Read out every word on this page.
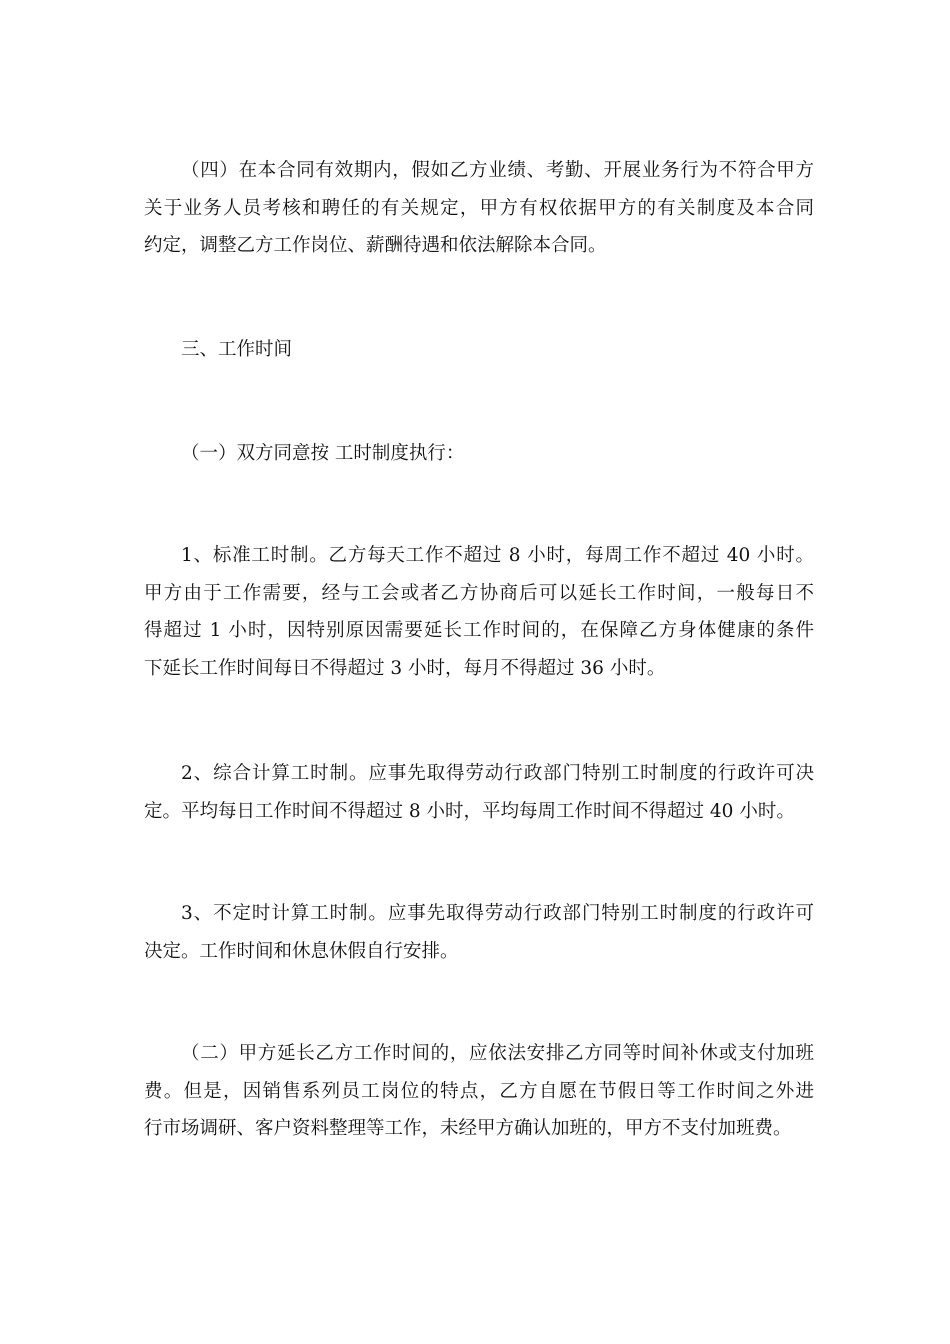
（四）在本合同有效期内，假如乙方业绩、考勤、开展业务行为不符合甲方
关于业务人员考核和聘任的有关规定，甲方有权依据甲方的有关制度及本合同
约定，调整乙方工作岗位、薪酬待遇和依法解除本合同。
三、工作时间
（一）双方同意按 工时制度执行：
1、标准工时制。乙方每天工作不超过 8 小时，每周工作不超过 40 小时。
甲方由于工作需要，经与工会或者乙方协商后可以延长工作时间，一般每日不
得超过 1 小时，因特别原因需要延长工作时间的，在保障乙方身体健康的条件
下延长工作时间每日不得超过 3 小时，每月不得超过 36 小时。
2、综合计算工时制。应事先取得劳动行政部门特别工时制度的行政许可决
定。平均每日工作时间不得超过 8 小时，平均每周工作时间不得超过 40 小时。
3、不定时计算工时制。应事先取得劳动行政部门特别工时制度的行政许可
决定。工作时间和休息休假自行安排。
（二）甲方延长乙方工作时间的，应依法安排乙方同等时间补休或支付加班
费。但是，因销售系列员工岗位的特点，乙方自愿在节假日等工作时间之外进
行市场调研、客户资料整理等工作，未经甲方确认加班的，甲方不支付加班费。
